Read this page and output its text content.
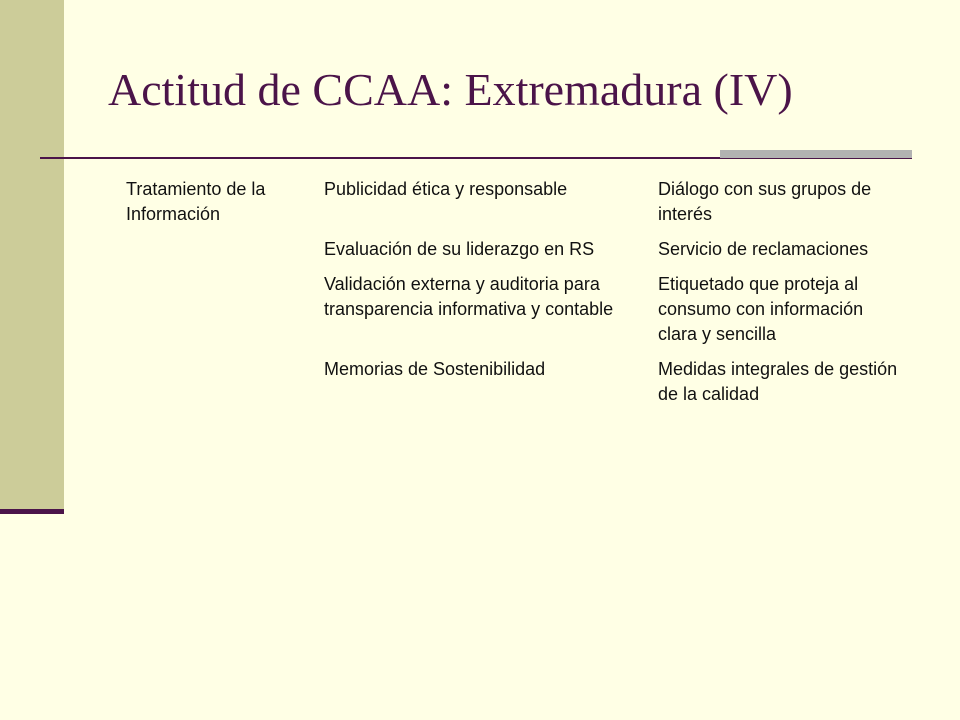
Actitud de CCAA: Extremadura (IV)
Tratamiento de la Información	Publicidad ética y responsable	Diálogo con sus grupos de interés
	Evaluación de su liderazgo en RS	Servicio de reclamaciones
	Validación externa y auditoria para transparencia informativa y contable	Etiquetado que proteja al consumo con información clara y sencilla
	Memorias de Sostenibilidad	Medidas integrales de gestión de la calidad
